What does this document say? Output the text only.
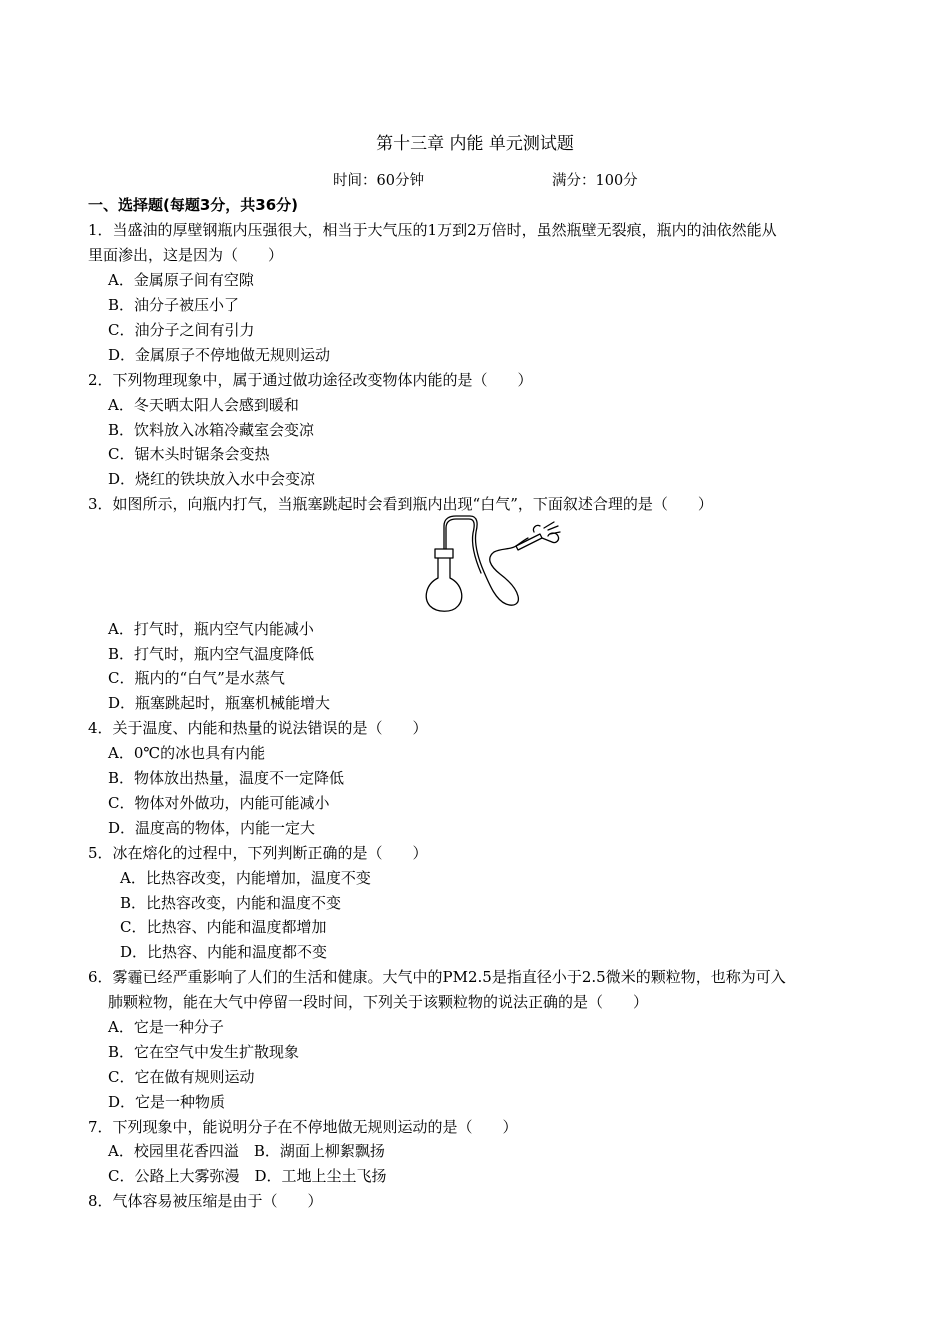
第十三章 内能 单元测试题
时间：60分钟	满分：100分
一、选择题(每题3分，共36分)
1．当盛油的厚壁钢瓶内压强很大，相当于大气压的1万到2万倍时，虽然瓶壁无裂痕，瓶内的油依然能从
里面渗出，这是因为（　　）
A．金属原子间有空隙
B．油分子被压小了
C．油分子之间有引力
D．金属原子不停地做无规则运动
2．下列物理现象中，属于通过做功途径改变物体内能的是（　　）
A．冬天晒太阳人会感到暖和
B．饮料放入冰箱冷藏室会变凉
C．锯木头时锯条会变热
D．烧红的铁块放入水中会变凉
3．如图所示，向瓶内打气，当瓶塞跳起时会看到瓶内出现“白气”，下面叙述合理的是（　　）
A．打气时，瓶内空气内能减小
B．打气时，瓶内空气温度降低
C．瓶内的“白气”是水蒸气
D．瓶塞跳起时，瓶塞机械能增大
4．关于温度、内能和热量的说法错误的是（　　）
A．0℃的冰也具有内能
B．物体放出热量，温度不一定降低
C．物体对外做功，内能可能减小
D．温度高的物体，内能一定大
5．冰在熔化的过程中，下列判断正确的是（　　）
A．比热容改变，内能增加，温度不变
B．比热容改变，内能和温度不变
C．比热容、内能和温度都增加
D．比热容、内能和温度都不变
6．雾霾已经严重影响了人们的生活和健康。大气中的PM2.5是指直径小于2.5微米的颗粒物，也称为可入
肺颗粒物，能在大气中停留一段时间，下列关于该颗粒物的说法正确的是（　　）
A．它是一种分子
B．它在空气中发生扩散现象
C．它在做有规则运动
D．它是一种物质
7．下列现象中，能说明分子在不停地做无规则运动的是（　　）
A．校园里花香四溢　B．湖面上柳絮飘扬
C．公路上大雾弥漫　D．工地上尘土飞扬
8．气体容易被压缩是由于（　　）
